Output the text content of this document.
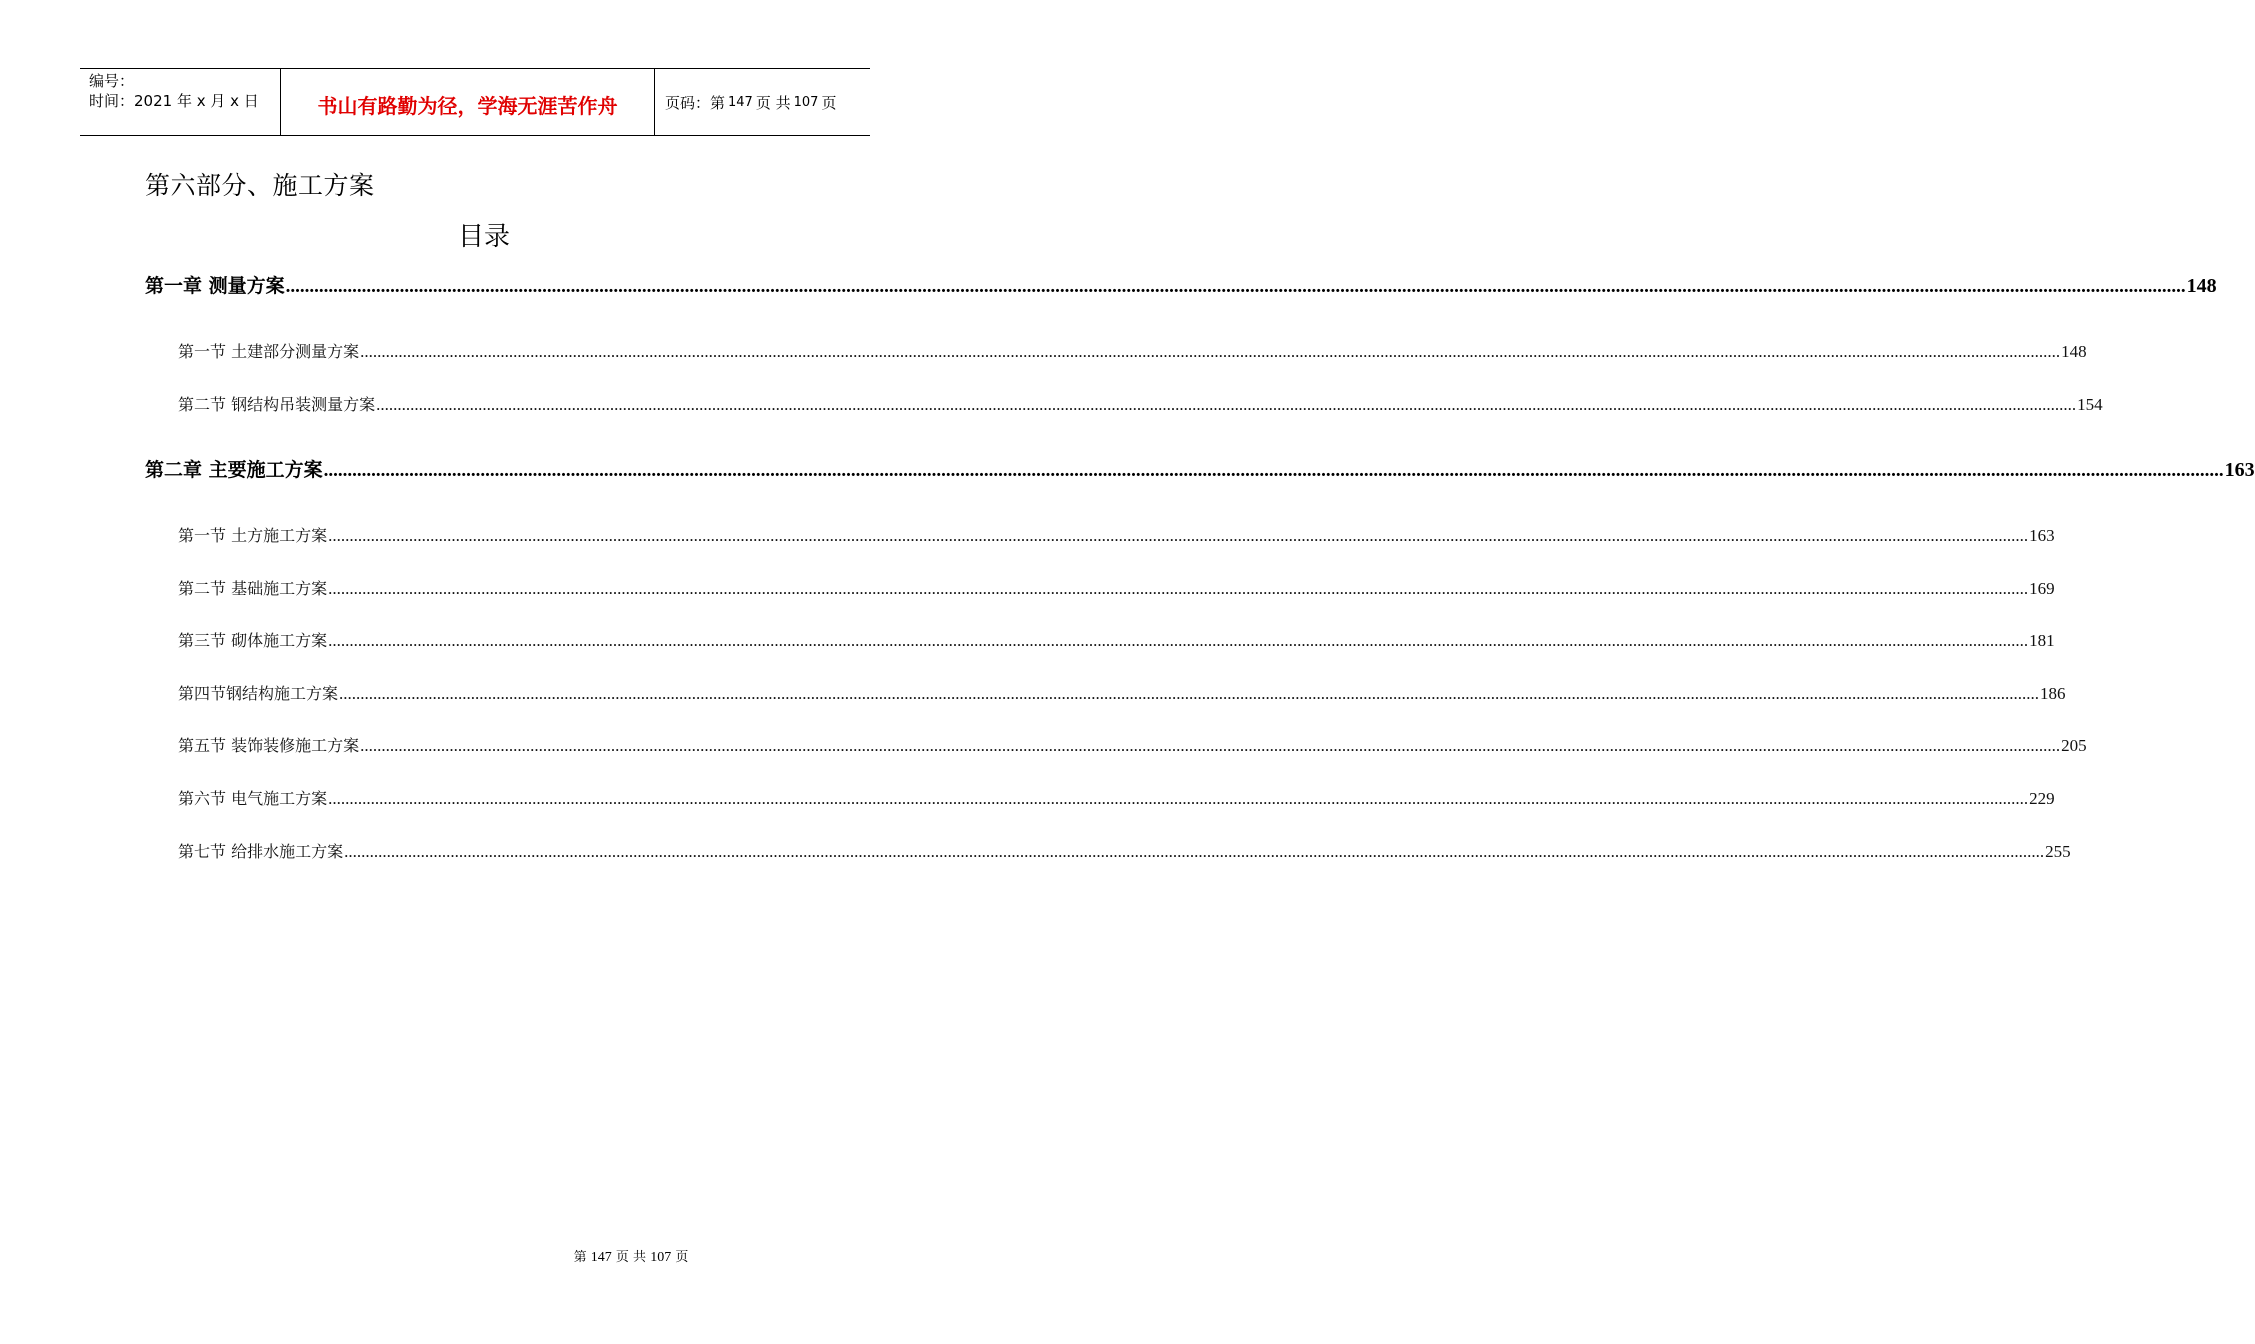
编号：
时间：2021 年 x 月 x 日	书山有路勤为径，学海无涯苦作舟	页码：第 147 页 共 107 页
第六部分、施工方案
目录
第一章 测量方案 ................................................................................................................................................................................................................................................................................................................................................................................................................ 148
第一节 土建部分测量方案 ................................................................................................................................................................................................................................................................................................................................................................................................................ 148
第二节 钢结构吊装测量方案 ................................................................................................................................................................................................................................................................................................................................................................................................................ 154
第二章 主要施工方案 ................................................................................................................................................................................................................................................................................................................................................................................................................ 163
第一节 土方施工方案 ................................................................................................................................................................................................................................................................................................................................................................................................................ 163
第二节 基础施工方案 ................................................................................................................................................................................................................................................................................................................................................................................................................ 169
第三节 砌体施工方案 ................................................................................................................................................................................................................................................................................................................................................................................................................ 181
第四节钢结构施工方案 ................................................................................................................................................................................................................................................................................................................................................................................................................ 186
第五节 装饰装修施工方案 ................................................................................................................................................................................................................................................................................................................................................................................................................ 205
第六节 电气施工方案 ................................................................................................................................................................................................................................................................................................................................................................................................................ 229
第七节 给排水施工方案 ................................................................................................................................................................................................................................................................................................................................................................................................................ 255
第 147 页 共 107 页
